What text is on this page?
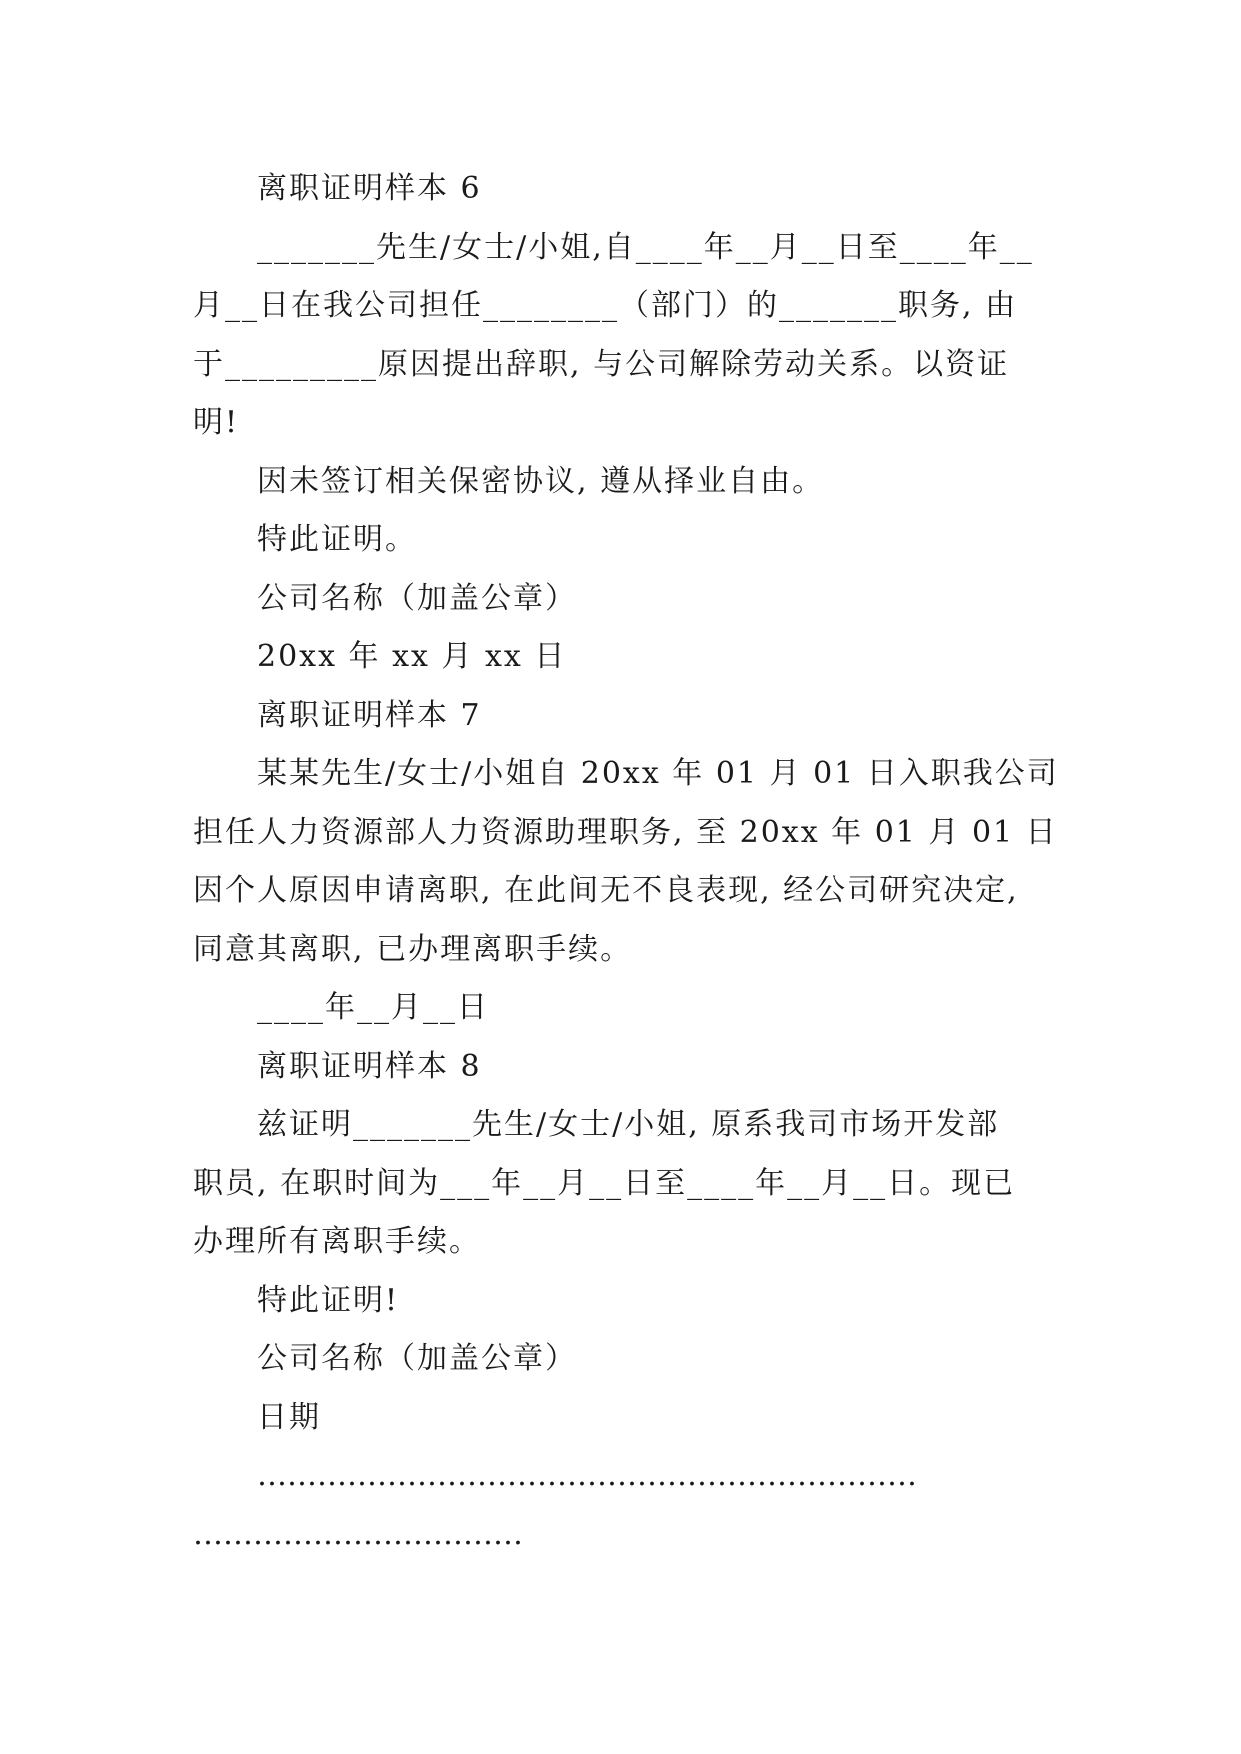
离职证明样本 6
_______先生/女士/小姐,自____年__月__日至____年__
月__日在我公司担任________（部门）的_______职务, 由
于_________原因提出辞职, 与公司解除劳动关系。以资证
明!
因未签订相关保密协议, 遵从择业自由。
特此证明。
公司名称（加盖公章）
20xx 年 xx 月 xx 日
离职证明样本 7
某某先生/女士/小姐自 20xx 年 01 月 01 日入职我公司
担任人力资源部人力资源助理职务, 至 20xx 年 01 月 01 日
因个人原因申请离职, 在此间无不良表现, 经公司研究决定,
同意其离职, 已办理离职手续。
____年__月__日
离职证明样本 8
兹证明_______先生/女士/小姐, 原系我司市场开发部
职员, 在职时间为___年__月__日至____年__月__日。现已
办理所有离职手续。
特此证明!
公司名称（加盖公章）
日期
…………………………………………………………
……………………………
